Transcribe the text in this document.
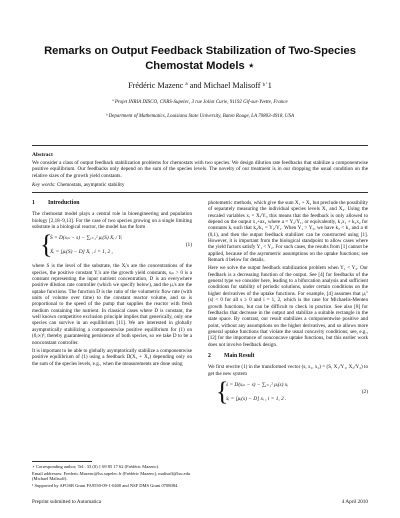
Remarks on Output Feedback Stabilization of Two-Species
Chemostat Models ⋆
Frédéric Mazenc ª and Michael Malisoff ᵇ˙1
ª Projet INRIA DISCO, CNRS-Supelec, 3 rue Joliot Curie, 91192 Gif-sur-Yvette, France
ᵇ Department of Mathematics, Louisiana State University, Baton Rouge, LA 70803-4918, USA
Abstract
We consider a class of output feedback stabilization problems for chemostats with two species. We design dilution rate feedbacks that stabilize a componentwise positive equilibrium. Our feedbacks only depend on the sum of the species levels. The novelty of our treatment is in our dropping the usual condition on the relative sizes of the growth yield constants.
Key words: Chemostats, asymptotic stability
1 Introduction

The chemostat model plays a central role in bioengineering and population biology [2,18–9,13]. For the case of two species growing on a single limiting substrate in a biological reactor, the model has the form

{
Ṡ = D(sᵢₙ − s) − ∑ᵢ₌₁² μᵢ(S) Xᵢ / Yᵢ
Ẋᵢ = [μᵢ(S) − D] Xᵢ , i = 1, 2 ,
(1)

where S is the level of the substrate, the Xᵢ's are the concentrations of the species, the positive constant Yᵢ's are the growth yield constants, sᵢₙ > 0 is a constant representing the input nutrient concentration, D is an everywhere positive dilution rate controller (which we specify below), and the μᵢ's are the uptake functions. The function D is the ratio of the volumetric flow rate (with units of volume over time) to the constant reactor volume, and so is proportional to the speed of the pump that supplies the reactor with fresh medium containing the nutrient. In classical cases where D is constant, the well known competitive exclusion principle implies that generically, only one species can survive in an equilibrium [11]. We are interested in globally asymptotically stabilizing a componentwise positive equilibrium for (1) on (0,∞)³, thereby guaranteeing persistence of both species, so we take D to be a nonconstant controller.

It is important to be able to globally asymptotically stabilize a componentwise positive equilibrium of (1) using a feedback D(X₁ + X₂) depending only on the sum of the species levels, e.g., when the measurements are done using

photometric methods, which give the sum X₁ + X₂ but preclude the possibility of separately measuring the individual species levels X₁ and X₂. Using the rescaled variables xᵢ = Xᵢ/Yᵢ, this means that the feedback is only allowed to depend on the output x₁+ax₂ where a = Y₂/Y₁, or equivalently, k₁x₁ + k₂x₂ for constants kᵢ such that k₂/k₁ = Y₂/Y₁. When Y₁ > Y₂, we have k₂ < k₁ and a ∈ (0,1), and then the output feedback stabilizer can be constructed using [1]. However, it is important from the biological standpoint to allow cases where the yield factors satisfy Y₁ < Y₂. For such cases, the results from [1] cannot be applied, because of the asymmetric assumptions on the uptake functions; see Remark 4 below for details.

Here we solve the output feedback stabilization problem when Y₁ < Y₂. Our feedback is a decreasing function of the output. See [4] for feedbacks of the general type we consider here, leading to a bifurcation analysis and sufficient conditions for stability of periodic solutions, under certain conditions on the higher derivatives of the uptake functions. For example, [4] assumes that μᵢ″(s) < 0 for all s ≥ 0 and i = 1, 2, which is the case for Michaelis-Menten growth functions, but can be difficult to check in practice. See also [8] for feedbacks that decrease in the output and stabilize a suitable rectangle in the state space. By contrast, our result stabilizes a componentwise positive and point, without any assumptions on the higher derivatives, and so allows more general uptake functions that violate the usual concavity conditions; see, e.g., [12] for the importance of nonconcave uptake functions, but this earlier work does not involve feedback design.

2 Main Result

We first rewrite (1) in the transformed vector (s, x₁, x₂) = (S, X₁/Y₁, X₂/Y₂) to get the new system

{
ṡ = D(sᵢₙ − s) − ∑ᵢ₌₁² μᵢ(s) xᵢ
ẋᵢ = [μᵢ(s) − D] xᵢ , i = 1, 2 .
(2)

⋆ Corresponding author; Tel.: 33 (0) 1 69 85 17 62 (Frédéric Mazenc).

Email addresses: Frederic.Mazenc@lss.supelec.fr (Frédéric Mazenc), malisoff@lsu.edu (Michael Malisoff).

¹ Supported by AFOSR Grant FA9550-09-1-0400 and NSF DMS Grant 0708084.

Preprint submitted to Automatica	4 April 2010
